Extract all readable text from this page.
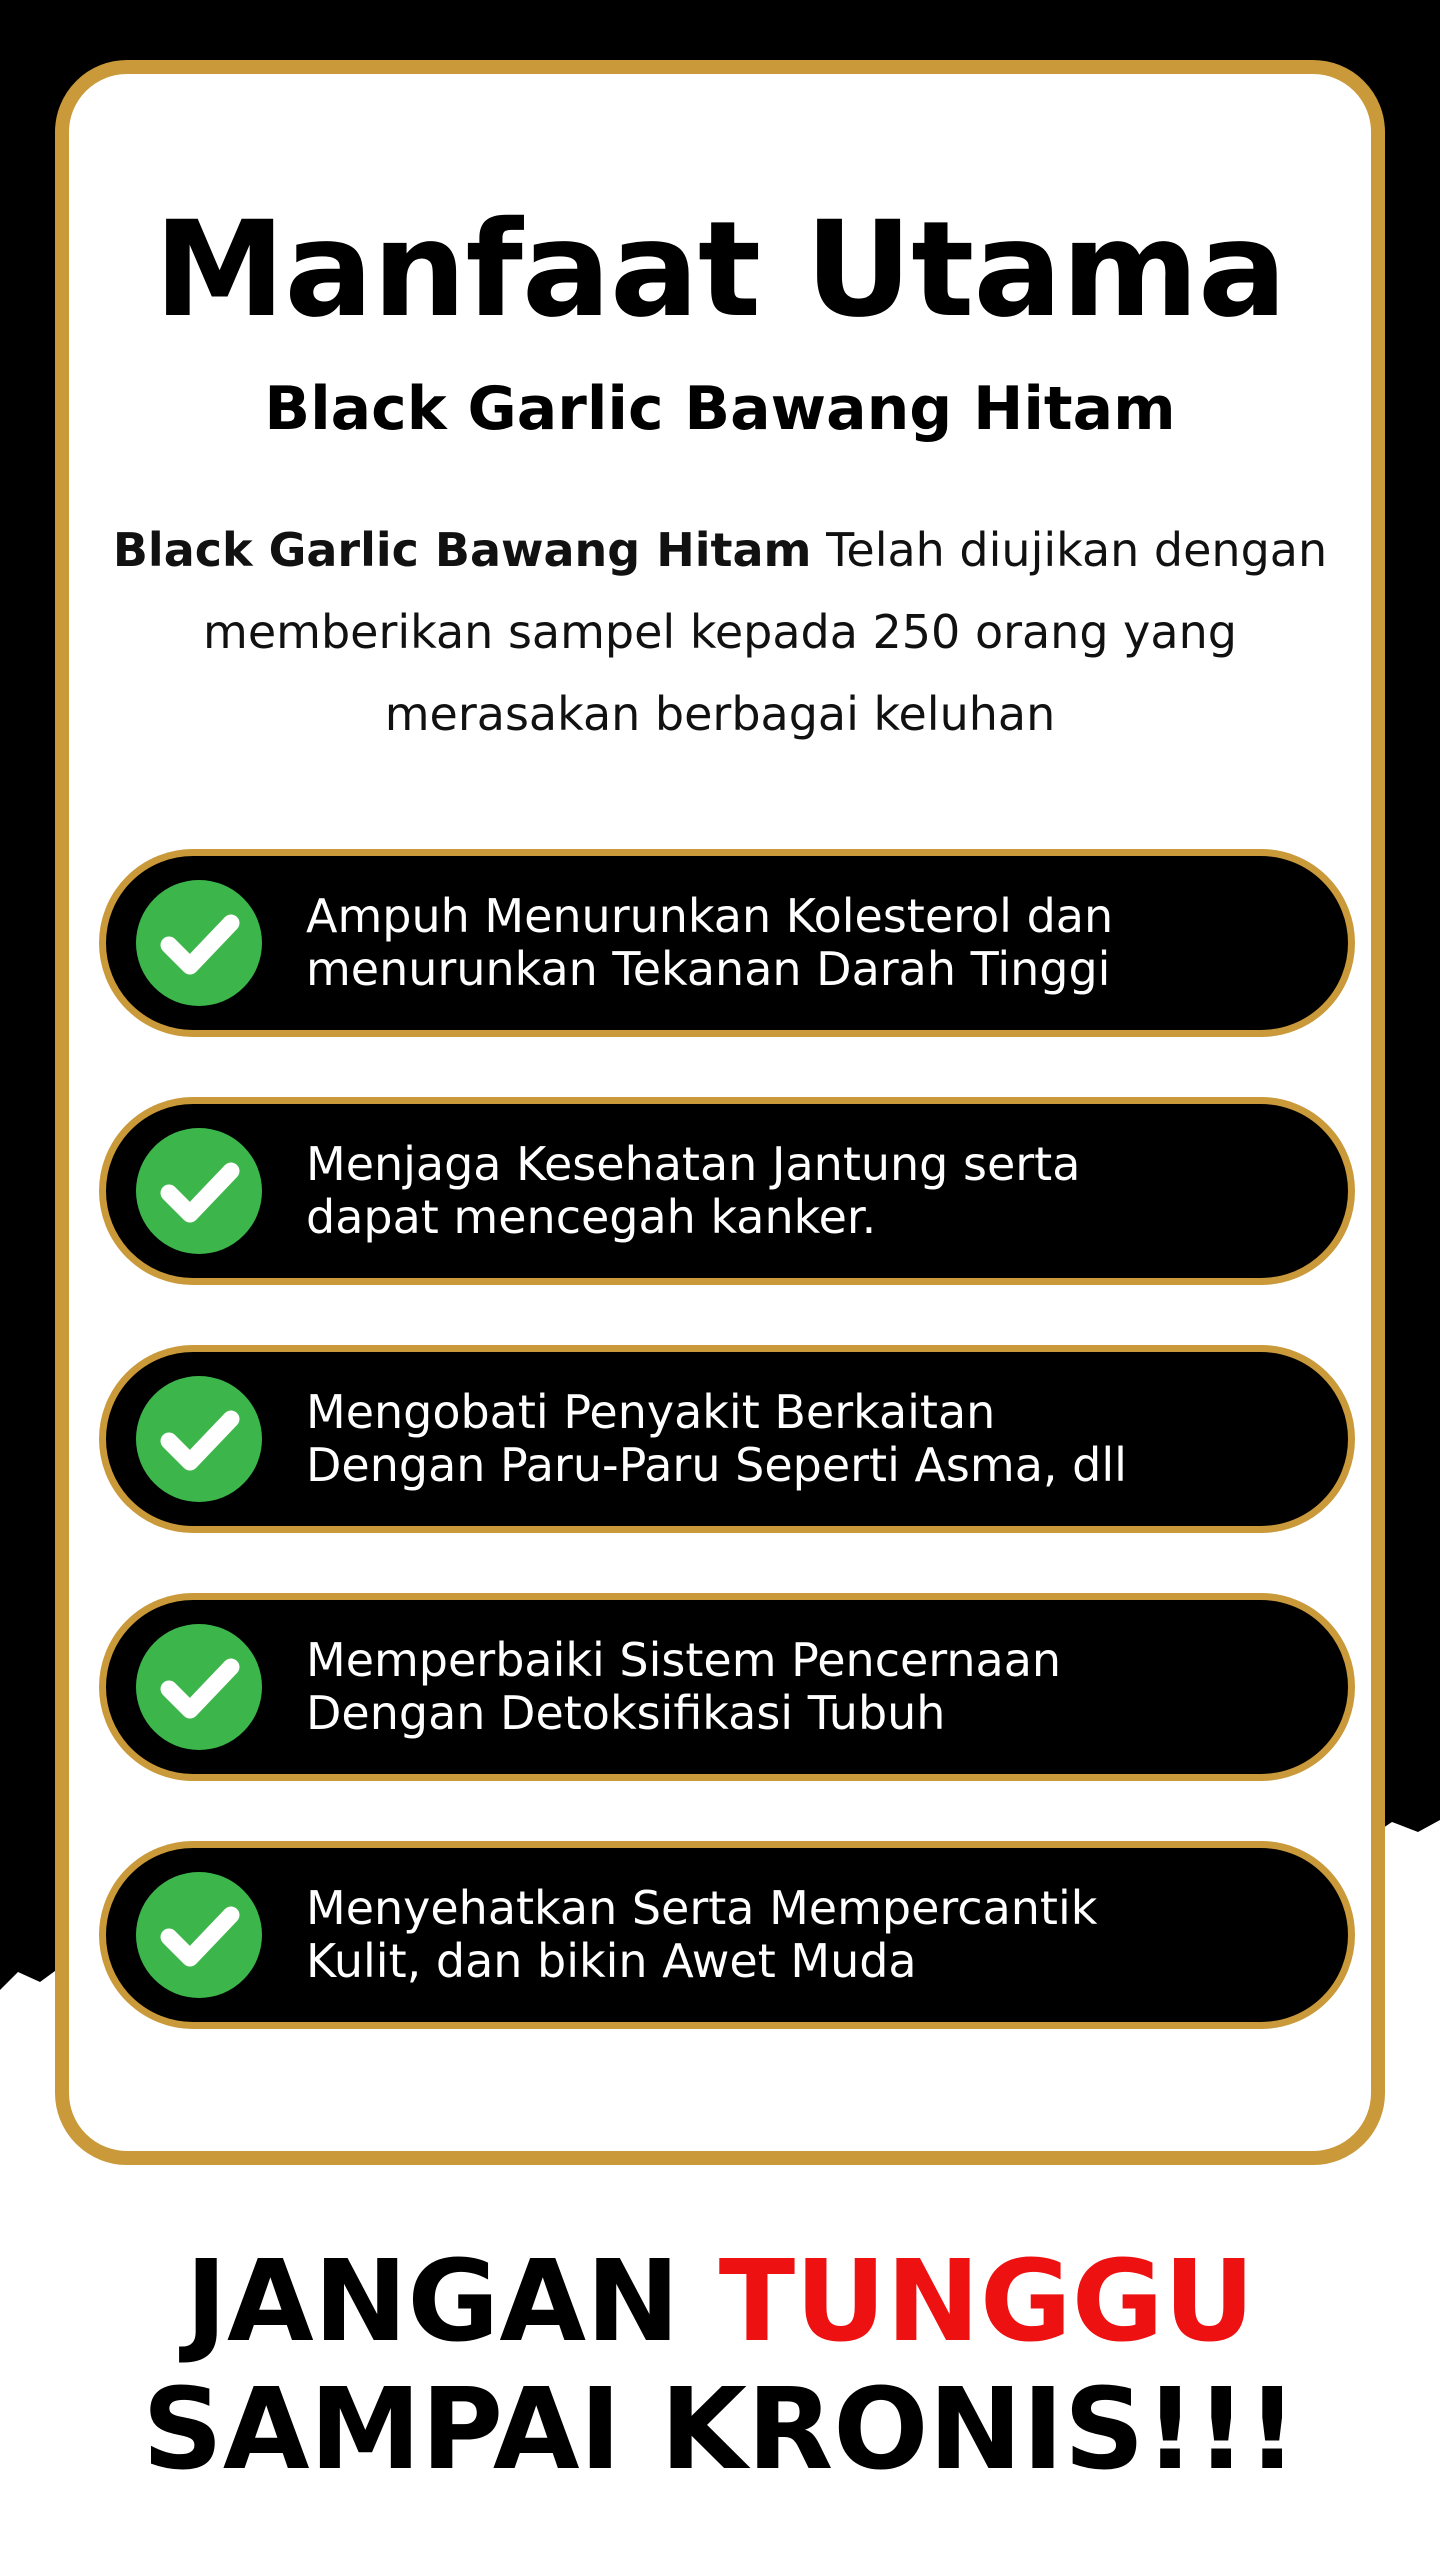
Manfaat Utama
Black Garlic Bawang Hitam

Black Garlic Bawang Hitam Telah diujikan dengan memberikan sampel kepada 250 orang yang merasakan berbagai keluhan

Ampuh Menurunkan Kolesterol dan
menurunkan Tekanan Darah Tinggi
Menjaga Kesehatan Jantung serta
dapat mencegah kanker.
Mengobati Penyakit Berkaitan
Dengan Paru-Paru Seperti Asma, dll
Memperbaiki Sistem Pencernaan
Dengan Detoksifikasi Tubuh
Menyehatkan Serta Mempercantik
Kulit, dan bikin Awet Muda

JANGAN TUNGGU
SAMPAI KRONIS!!!
